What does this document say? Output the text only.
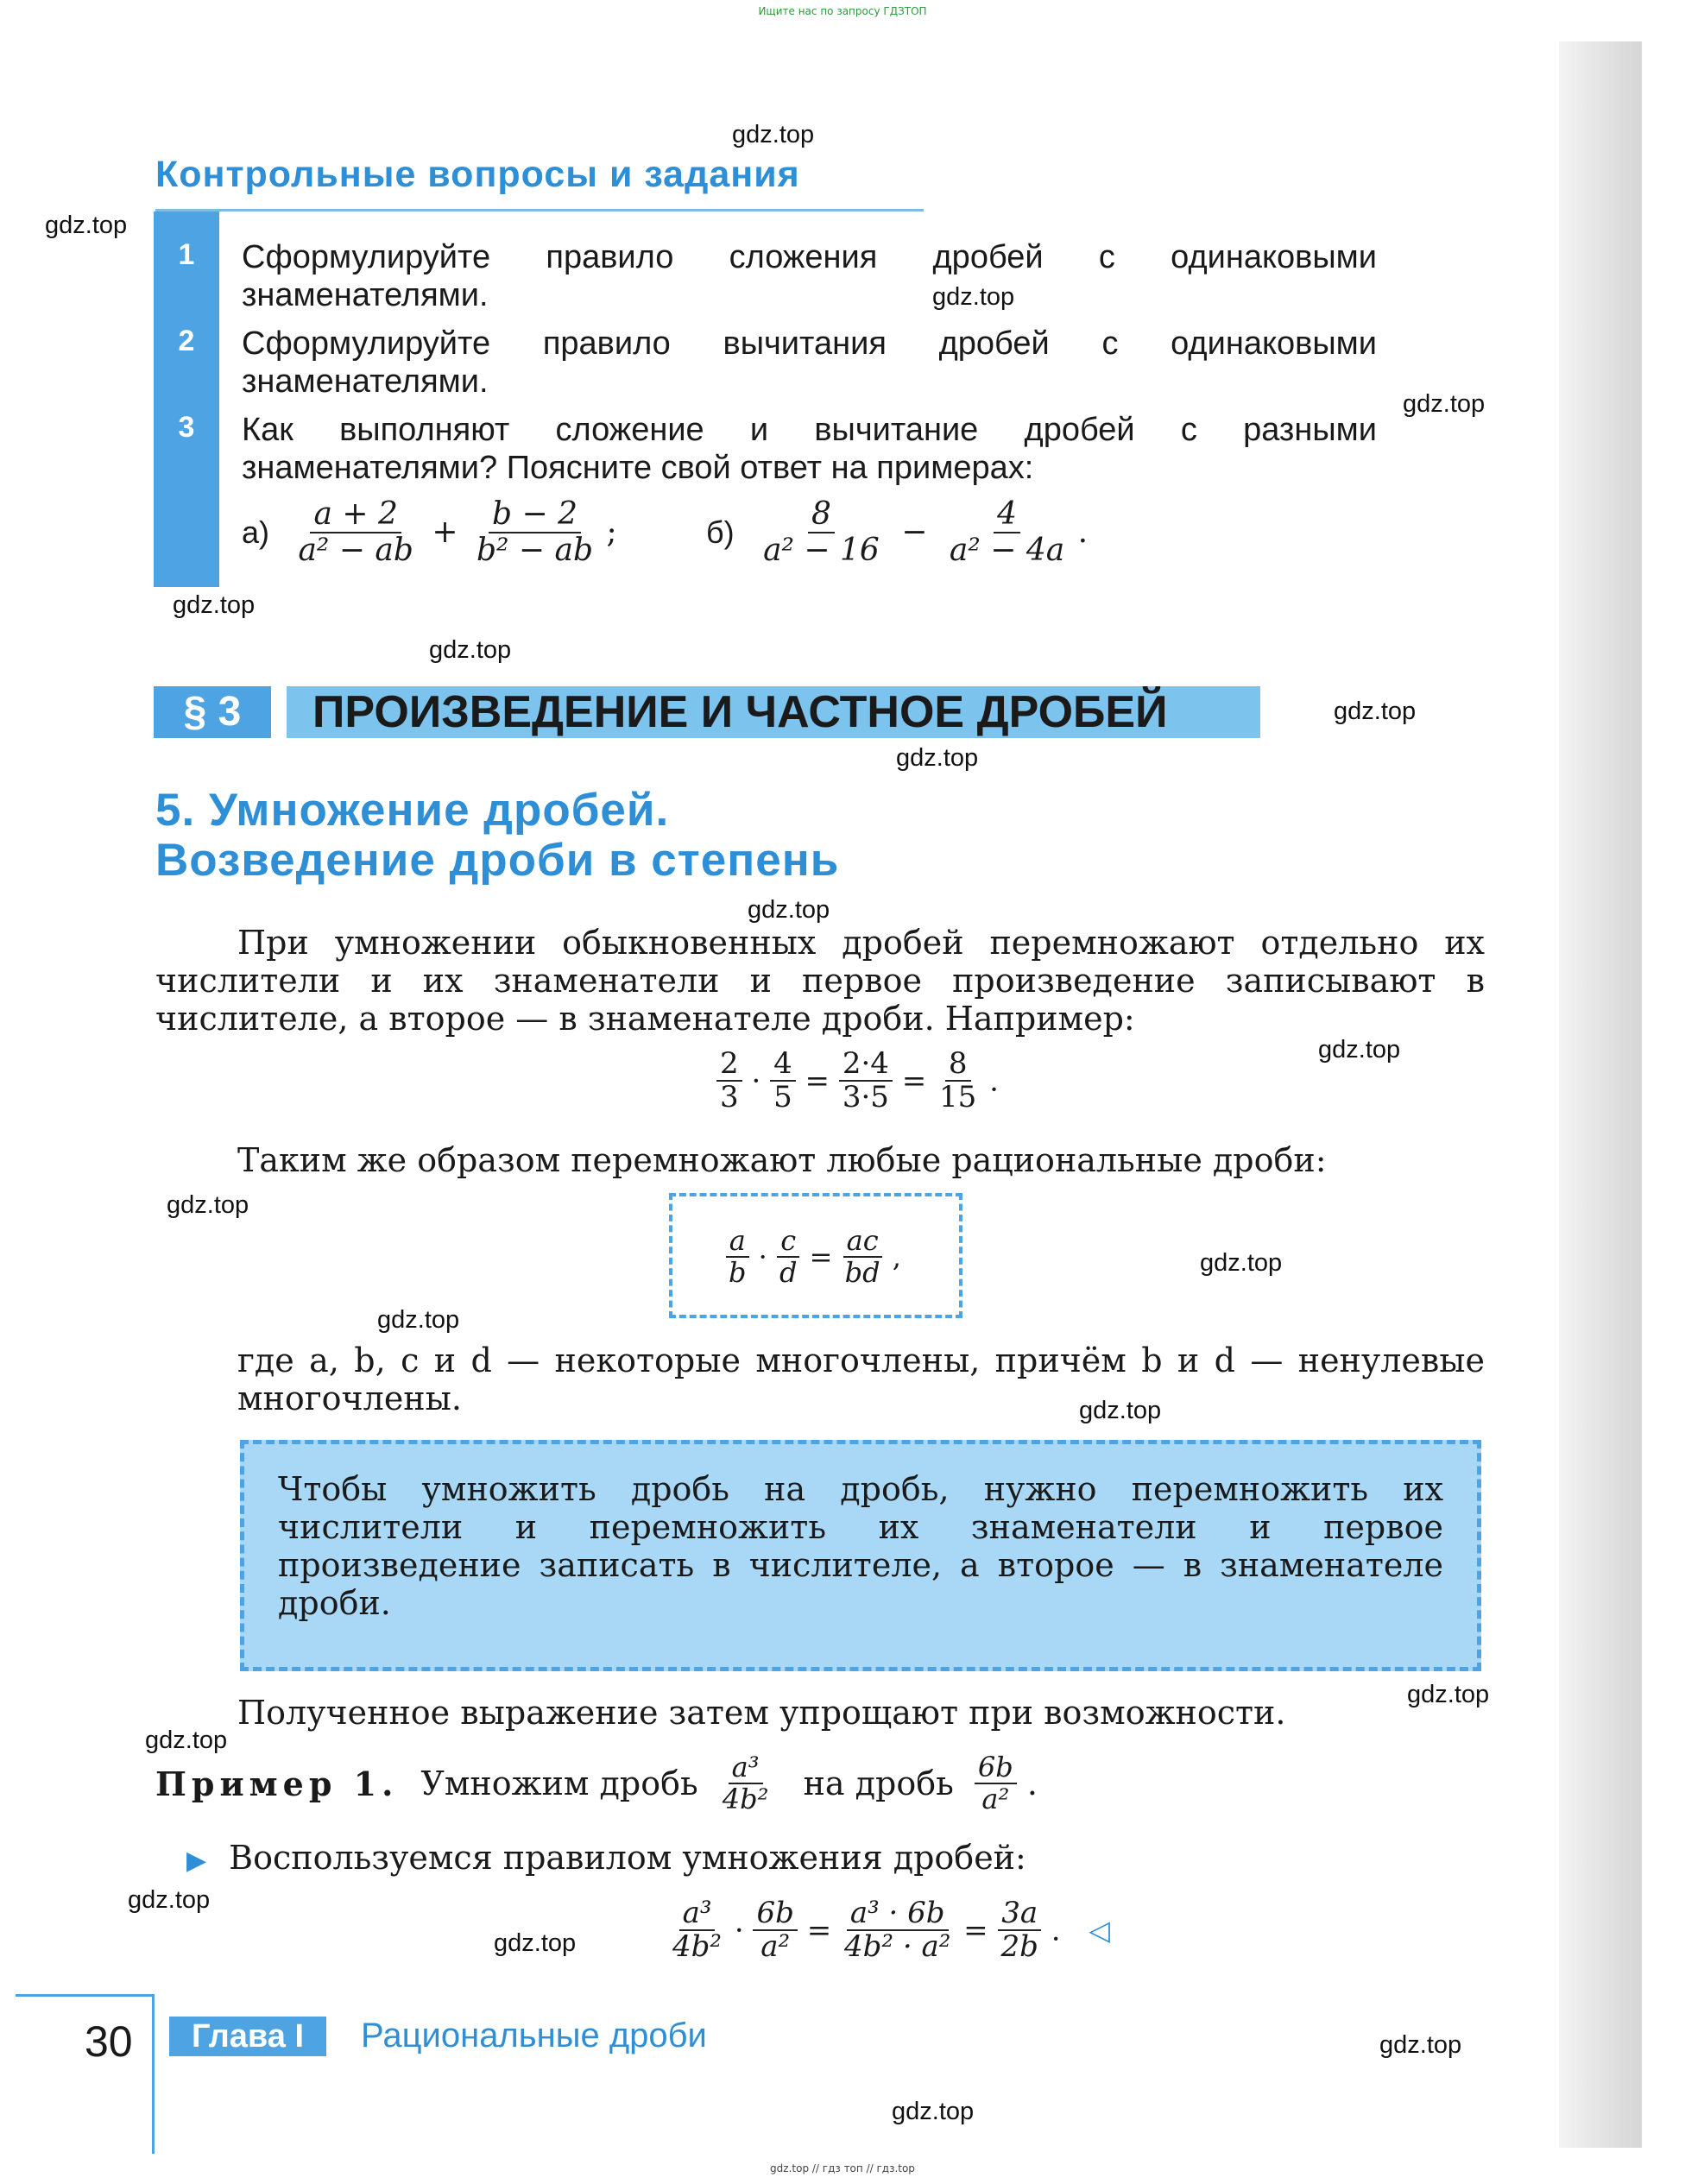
Ищите нас по запросу ГДЗТОП
gdz.top // гдз топ // гдз.top
gdz.top
gdz.top
gdz.top
gdz.top
gdz.top
gdz.top
gdz.top
gdz.top
gdz.top
gdz.top
gdz.top
gdz.top
gdz.top
gdz.top
gdz.top
gdz.top
gdz.top
gdz.top
gdz.top
gdz.top
Контрольные вопросы и задания
1	Сформулируйте правило сложения дробей с одинаковыми знаменателями.
2	Сформулируйте правило вычитания дробей с одинаковыми знаменателями.
3	Как выполняют сложение и вычитание дробей с разными знаменателями? Поясните свой ответ на примерах:
$а) \frac{a + 2}{\text{a² − ab}} + \frac{b - 2}{\text{b² − ab}}$ ;	$б) \frac{8}{\text{a² − 16}} - \frac{4}{\text{a² − 4a}}$ .
§ 3	ПРОИЗВЕДЕНИЕ И ЧАСТНОЕ ДРОБЕЙ
5. Умножение дробей.
Возведение дроби в степень
При умножении обыкновенных дробей перемножают отдельно их числители и их знаменатели и первое произведение записывают в числителе, а второе — в знаменателе дроби. Например:
$\frac{2}{3} \cdot \frac{4}{5} = \frac{2\cdot 4}{3\cdot 5} = \frac{8}{15}$ .
Таким же образом перемножают любые рациональные дроби:
$\frac{a}{b} \cdot \frac{c}{d} = \frac{ac}{bd}$ ,
где a, b, c и d — некоторые многочлены, причём b и d — ненулевые многочлены.
Чтобы умножить дробь на дробь, нужно перемножить их числители и перемножить их знаменатели и первое произведение записать в числителе, а второе — в знаменателе дроби.
Полученное выражение затем упрощают при возможности.
Пример 1. Умножим дробь $\frac{\text{a³}}{\text{4b²}}$ на дробь $\frac{6b}{\text{a²}}$ .
▶ Воспользуемся правилом умножения дробей:
$\frac{\text{a³}}{\text{4b²}} \cdot \frac{6b}{\text{a²}} = \frac{\text{a³ · 6b}}{\text{4b² · a²}} = \frac{3a}{2b}$ . ◁
30	Глава I	Рациональные дроби
